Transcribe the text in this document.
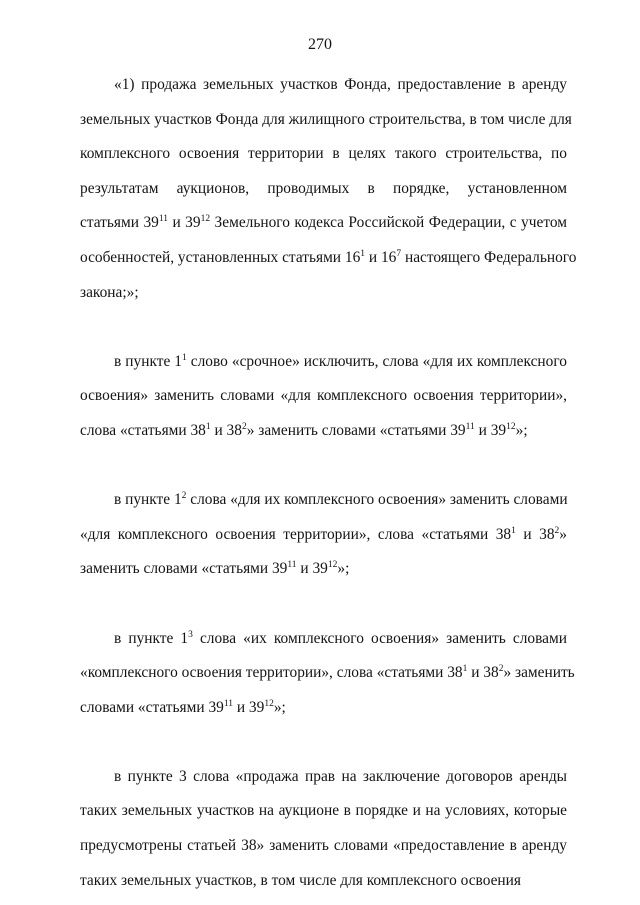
270
«1) продажа земельных участков Фонда, предоставление в аренду
земельных участков Фонда для жилищного строительства, в том числе для
комплексного освоения территории в целях такого строительства, по
результатам аукционов, проводимых в порядке, установленном
статьями $39^{11}$ и $39^{12}$ Земельного кодекса Российской Федерации, с учетом
особенностей, установленных статьями $16^1$ и $16^7$ настоящего Федерального
закона;»;
в пункте $1^1$ слово «срочное» исключить, слова «для их комплексного
освоения» заменить словами «для комплексного освоения территории»,
слова «статьями $38^1$ и $38^2$» заменить словами «статьями $39^{11}$ и $39^{12}$»;
в пункте $1^2$ слова «для их комплексного освоения» заменить словами
«для комплексного освоения территории», слова «статьями $38^1$ и $38^2$»
заменить словами «статьями $39^{11}$ и $39^{12}$»;
в пункте $1^3$ слова «их комплексного освоения» заменить словами
«комплексного освоения территории», слова «статьями $38^1$ и $38^2$» заменить
словами «статьями $39^{11}$ и $39^{12}$»;
в пункте 3 слова «продажа прав на заключение договоров аренды
таких земельных участков на аукционе в порядке и на условиях, которые
предусмотрены статьей 38» заменить словами «предоставление в аренду
таких земельных участков, в том числе для комплексного освоения
